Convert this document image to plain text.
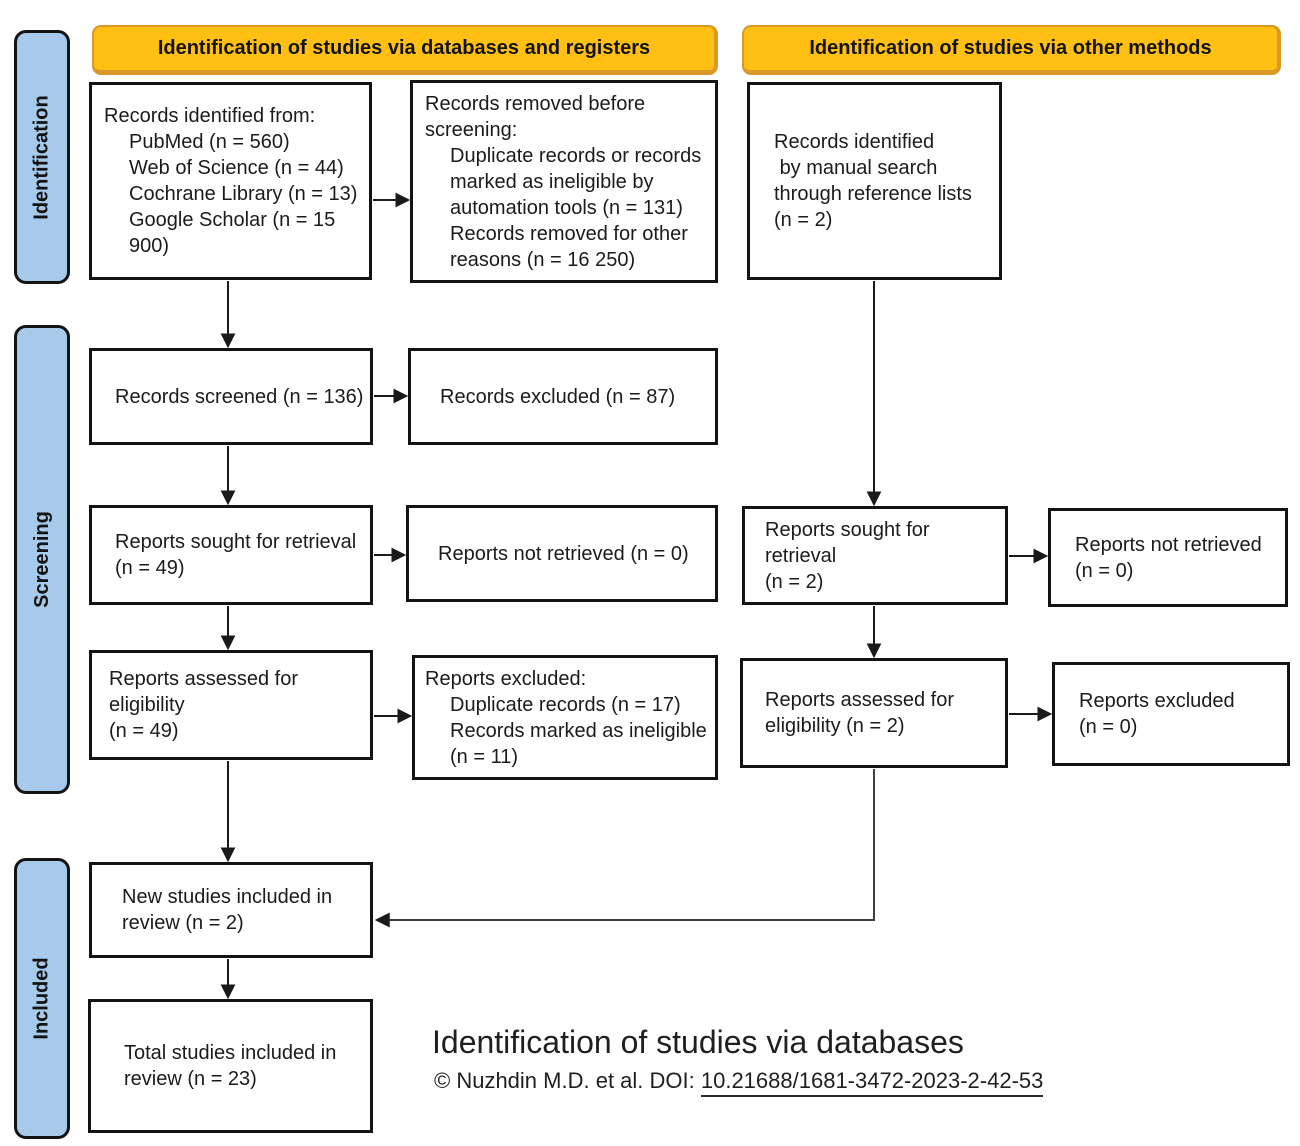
Identification of studies via databases and registers	Identification of studies via other methods
Identification
Screening
Included
Records identified from:
PubMed (n = 560)
Web of Science (n = 44)
Cochrane Library (n = 13)
Google Scholar (n = 15 900)
Records screened (n = 136)
Reports sought for retrieval
(n = 49)
Reports assessed for eligibility
(n = 49)
New studies included in
review (n = 2)
Total studies included in
review (n = 23)
Records removed before
screening:
Duplicate records or records
marked as ineligible by
automation tools (n = 131)
Records removed for other
reasons (n = 16 250)
Records excluded (n = 87)
Reports not retrieved (n = 0)
Reports excluded:
Duplicate records (n = 17)
Records marked as ineligible
(n = 11)
Records identified
by manual search
through reference lists
(n = 2)
Reports sought for retrieval
(n = 2)
Reports assessed for
eligibility (n = 2)
Reports not retrieved
(n = 0)
Reports excluded
(n = 0)
Identification of studies via databases
© Nuzhdin M.D. et al. DOI: 10.21688/1681-3472-2023-2-42-53
